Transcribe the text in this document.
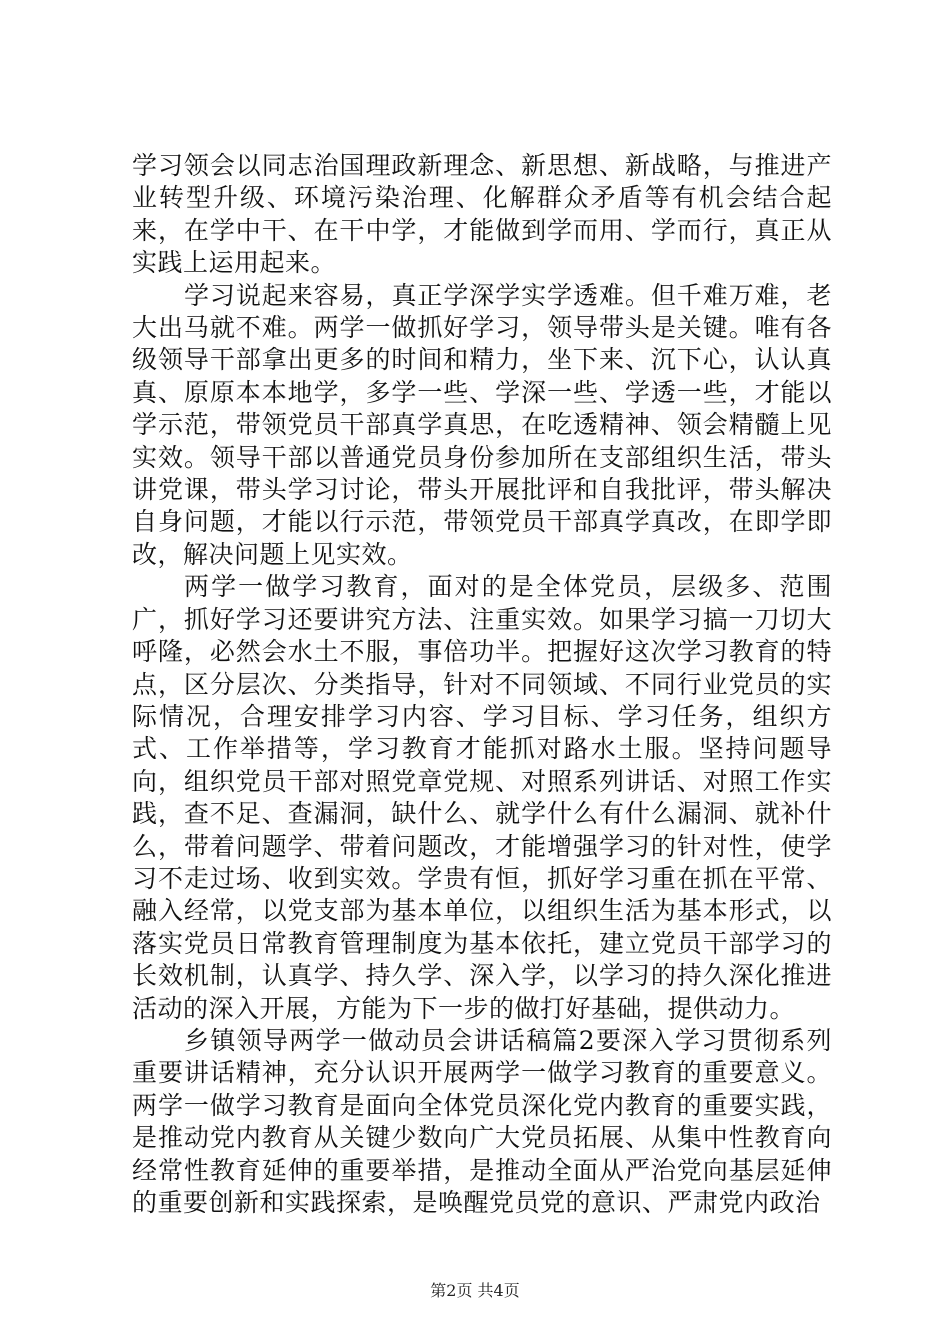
学习领会以同志治国理政新理念、新思想、新战略，与推进产业转型升级、环境污染治理、化解群众矛盾等有机会结合起来，在学中干、在干中学，才能做到学而用、学而行，真正从实践上运用起来。

学习说起来容易，真正学深学实学透难。但千难万难，老大出马就不难。两学一做抓好学习，领导带头是关键。唯有各级领导干部拿出更多的时间和精力，坐下来、沉下心，认认真真、原原本本地学，多学一些、学深一些、学透一些，才能以学示范，带领党员干部真学真思，在吃透精神、领会精髓上见实效。领导干部以普通党员身份参加所在支部组织生活，带头讲党课，带头学习讨论，带头开展批评和自我批评，带头解决自身问题，才能以行示范，带领党员干部真学真改，在即学即改，解决问题上见实效。

两学一做学习教育，面对的是全体党员，层级多、范围广，抓好学习还要讲究方法、注重实效。如果学习搞一刀切大呼隆，必然会水土不服，事倍功半。把握好这次学习教育的特点，区分层次、分类指导，针对不同领域、不同行业党员的实际情况，合理安排学习内容、学习目标、学习任务，组织方式、工作举措等，学习教育才能抓对路水土服。坚持问题导向，组织党员干部对照党章党规、对照系列讲话、对照工作实践，查不足、查漏洞，缺什么、就学什么有什么漏洞、就补什么，带着问题学、带着问题改，才能增强学习的针对性，使学习不走过场、收到实效。学贵有恒，抓好学习重在抓在平常、融入经常，以党支部为基本单位，以组织生活为基本形式，以落实党员日常教育管理制度为基本依托，建立党员干部学习的长效机制，认真学、持久学、深入学，以学习的持久深化推进活动的深入开展，方能为下一步的做打好基础，提供动力。

乡镇领导两学一做动员会讲话稿篇2要深入学习贯彻系列重要讲话精神，充分认识开展两学一做学习教育的重要意义。两学一做学习教育是面向全体党员深化党内教育的重要实践，是推动党内教育从关键少数向广大党员拓展、从集中性教育向经常性教育延伸的重要举措，是推动全面从严治党向基层延伸的重要创新和实践探索，是唤醒党员党的意识、严肃党内政治

第2页 共4页
